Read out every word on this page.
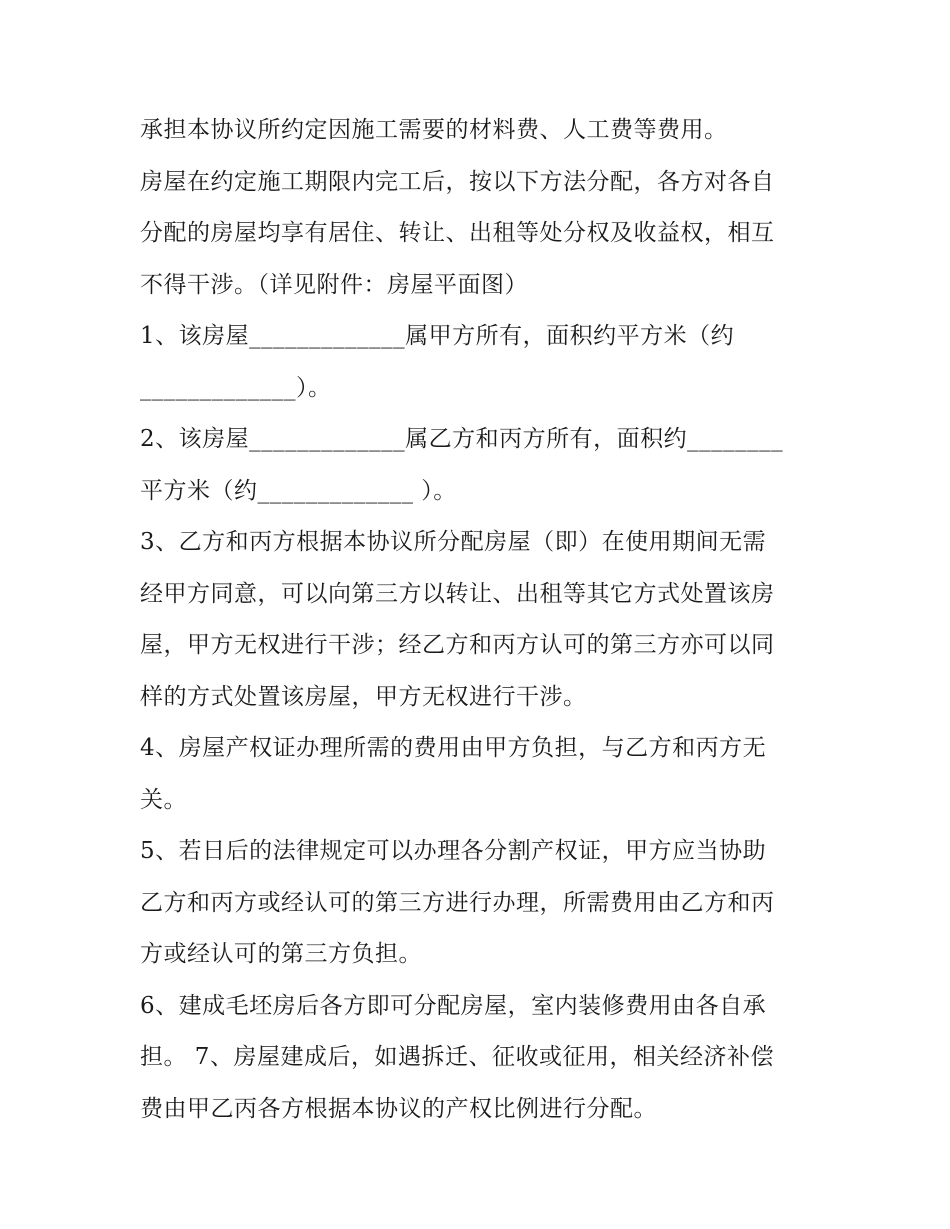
承担本协议所约定因施工需要的材料费、人工费等费用。
房屋在约定施工期限内完工后，按以下方法分配，各方对各自
分配的房屋均享有居住、转让、出租等处分权及收益权，相互
不得干涉。（详见附件：房屋平面图）
1、该房屋_____________属甲方所有，面积约平方米（约
_____________）。
2、该房屋_____________属乙方和丙方所有，面积约________
平方米（约_____________ ）。
3、乙方和丙方根据本协议所分配房屋（即）在使用期间无需
经甲方同意，可以向第三方以转让、出租等其它方式处置该房
屋，甲方无权进行干涉；经乙方和丙方认可的第三方亦可以同
样的方式处置该房屋，甲方无权进行干涉。
4、房屋产权证办理所需的费用由甲方负担，与乙方和丙方无
关。
5、若日后的法律规定可以办理各分割产权证，甲方应当协助
乙方和丙方或经认可的第三方进行办理，所需费用由乙方和丙
方或经认可的第三方负担。
6、建成毛坯房后各方即可分配房屋，室内装修费用由各自承
担。 7、房屋建成后，如遇拆迁、征收或征用，相关经济补偿
费由甲乙丙各方根据本协议的产权比例进行分配。
